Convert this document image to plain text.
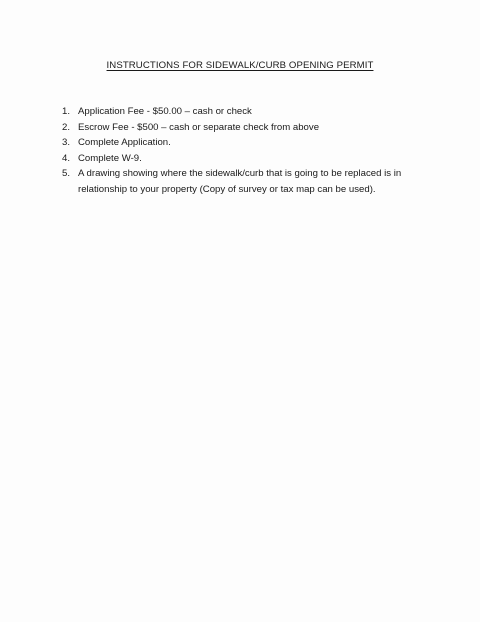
INSTRUCTIONS FOR SIDEWALK/CURB OPENING PERMIT
1. Application Fee - $50.00 – cash or check
2. Escrow Fee - $500 – cash or separate check from above
3. Complete Application.
4. Complete W-9.
5. A drawing showing where the sidewalk/curb that is going to be replaced is in relationship to your property (Copy of survey or tax map can be used).
